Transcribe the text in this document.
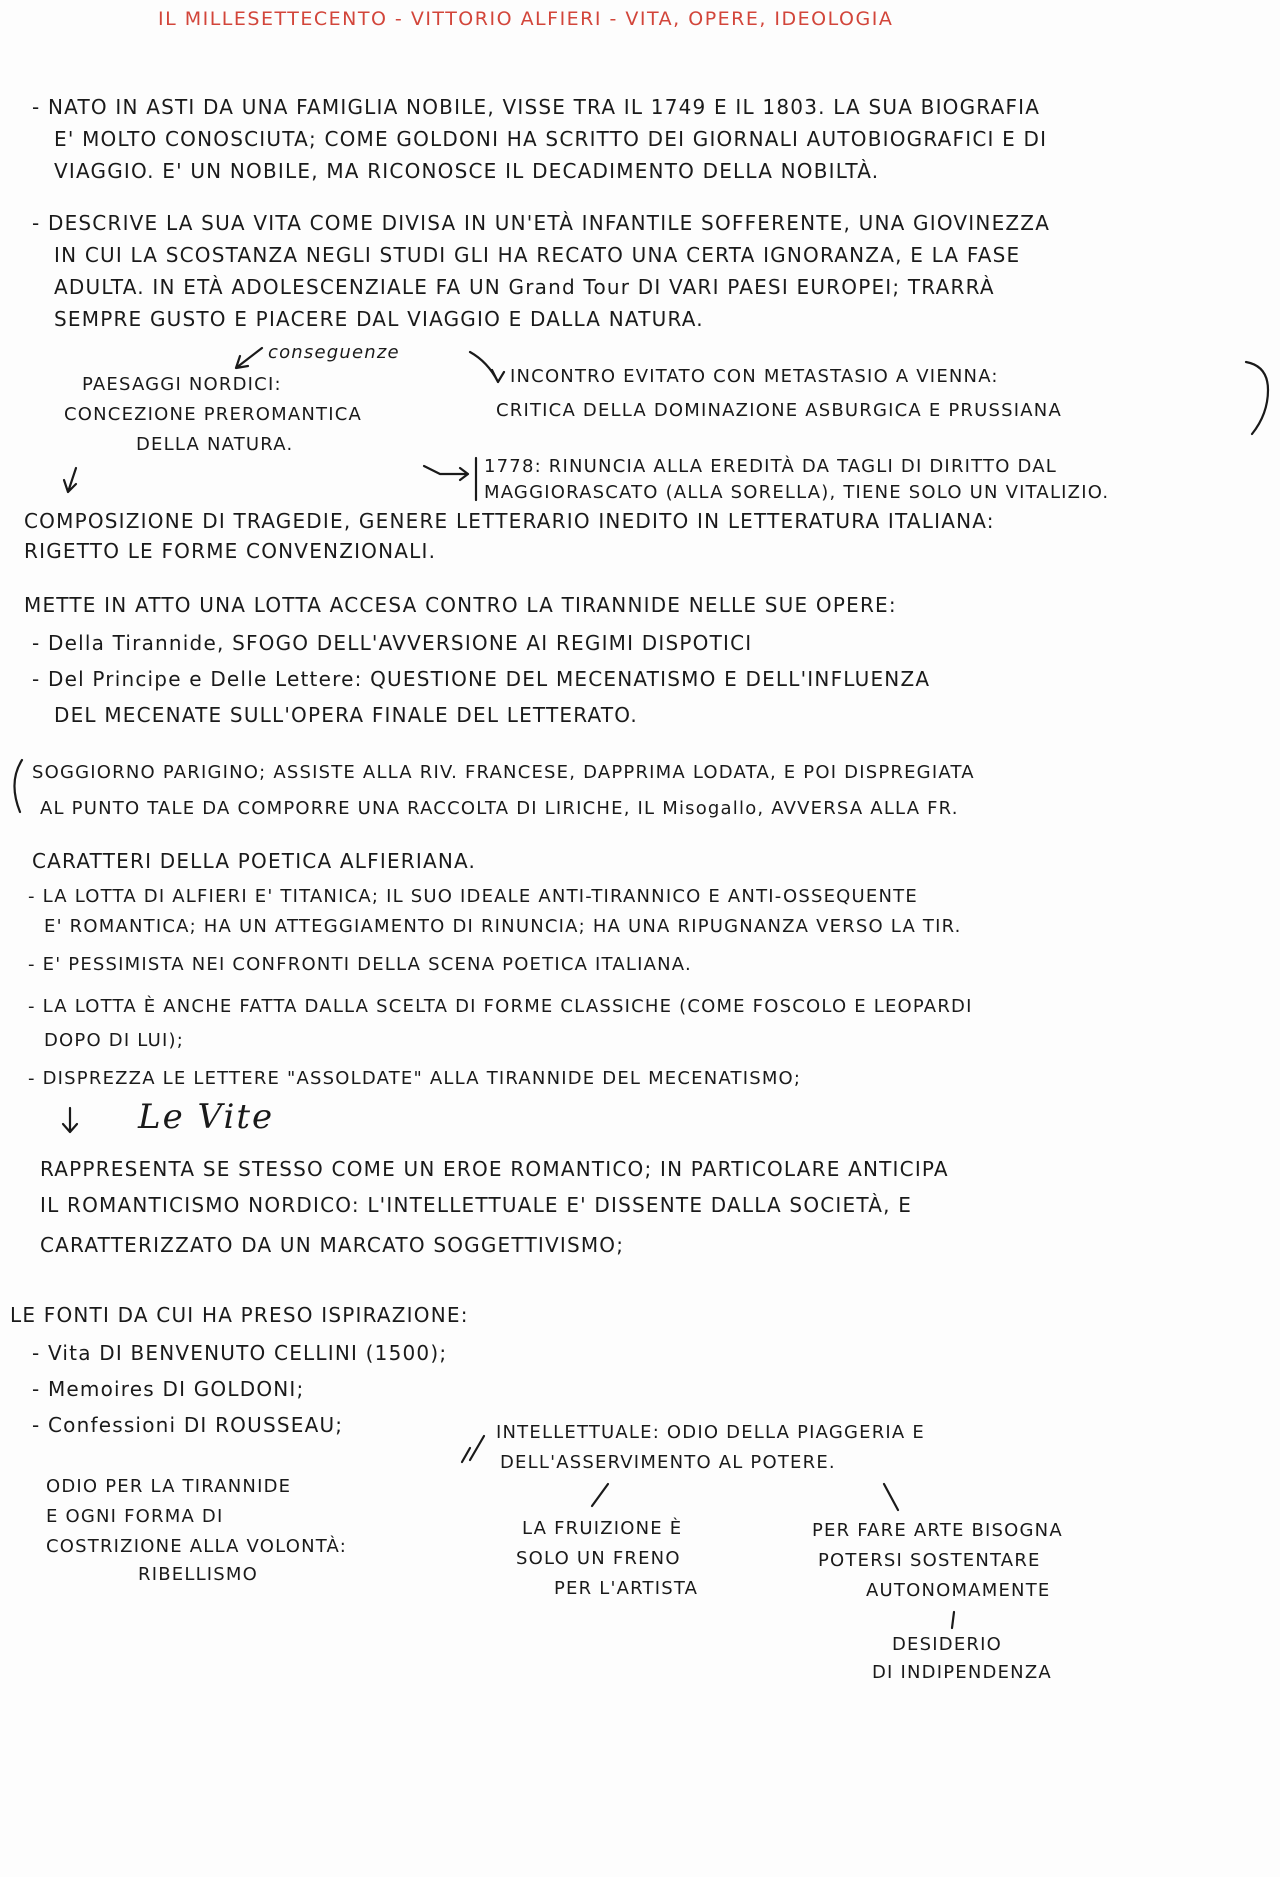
IL MILLESETTECENTO - VITTORIO ALFIERI - VITA, OPERE, IDEOLOGIA
- NATO IN ASTI DA UNA FAMIGLIA NOBILE, VISSE TRA IL 1749 E IL 1803. LA SUA BIOGRAFIA
E' MOLTO CONOSCIUTA; COME GOLDONI HA SCRITTO DEI GIORNALI AUTOBIOGRAFICI E DI
VIAGGIO. E' UN NOBILE, MA RICONOSCE IL DECADIMENTO DELLA NOBILTÀ.
- DESCRIVE LA SUA VITA COME DIVISA IN UN'ETÀ INFANTILE SOFFERENTE, UNA GIOVINEZZA
IN CUI LA SCOSTANZA NEGLI STUDI GLI HA RECATO UNA CERTA IGNORANZA, E LA FASE
ADULTA. IN ETÀ ADOLESCENZIALE FA UN Grand Tour DI VARI PAESI EUROPEI; TRARRÀ
SEMPRE GUSTO E PIACERE DAL VIAGGIO E DALLA NATURA.
conseguenze
PAESAGGI NORDICI:
CONCEZIONE PREROMANTICA
DELLA NATURA.
INCONTRO EVITATO CON METASTASIO A VIENNA:
CRITICA DELLA DOMINAZIONE ASBURGICA E PRUSSIANA
1778: RINUNCIA ALLA EREDITÀ DA TAGLI DI DIRITTO DAL
MAGGIORASCATO (ALLA SORELLA), TIENE SOLO UN VITALIZIO.
COMPOSIZIONE DI TRAGEDIE, GENERE LETTERARIO INEDITO IN LETTERATURA ITALIANA:
RIGETTO LE FORME CONVENZIONALI.
METTE IN ATTO UNA LOTTA ACCESA CONTRO LA TIRANNIDE NELLE SUE OPERE:
- Della Tirannide, SFOGO DELL'AVVERSIONE AI REGIMI DISPOTICI
- Del Principe e Delle Lettere: QUESTIONE DEL MECENATISMO E DELL'INFLUENZA
DEL MECENATE SULL'OPERA FINALE DEL LETTERATO.
SOGGIORNO PARIGINO; ASSISTE ALLA RIV. FRANCESE, DAPPRIMA LODATA, E POI DISPREGIATA
AL PUNTO TALE DA COMPORRE UNA RACCOLTA DI LIRICHE, IL Misogallo, AVVERSA ALLA FR.
CARATTERI DELLA POETICA ALFIERIANA.
- LA LOTTA DI ALFIERI E' TITANICA; IL SUO IDEALE ANTI-TIRANNICO E ANTI-OSSEQUENTE
E' ROMANTICA; HA UN ATTEGGIAMENTO DI RINUNCIA; HA UNA RIPUGNANZA VERSO LA TIR.
- E' PESSIMISTA NEI CONFRONTI DELLA SCENA POETICA ITALIANA.
- LA LOTTA È ANCHE FATTA DALLA SCELTA DI FORME CLASSICHE (COME FOSCOLO E LEOPARDI
DOPO DI LUI);
- DISPREZZA LE LETTERE "ASSOLDATE" ALLA TIRANNIDE DEL MECENATISMO;
Le Vite
RAPPRESENTA SE STESSO COME UN EROE ROMANTICO; IN PARTICOLARE ANTICIPA
IL ROMANTICISMO NORDICO: L'INTELLETTUALE E' DISSENTE DALLA SOCIETÀ, E
CARATTERIZZATO DA UN MARCATO SOGGETTIVISMO;
LE FONTI DA CUI HA PRESO ISPIRAZIONE:
- Vita DI BENVENUTO CELLINI (1500);
- Memoires DI GOLDONI;
- Confessioni DI ROUSSEAU;
ODIO PER LA TIRANNIDE
E OGNI FORMA DI
COSTRIZIONE ALLA VOLONTÀ:
RIBELLISMO
INTELLETTUALE: ODIO DELLA PIAGGERIA E
DELL'ASSERVIMENTO AL POTERE.
LA FRUIZIONE È
SOLO UN FRENO
PER L'ARTISTA
PER FARE ARTE BISOGNA
POTERSI SOSTENTARE
AUTONOMAMENTE
DESIDERIO
DI INDIPENDENZA
